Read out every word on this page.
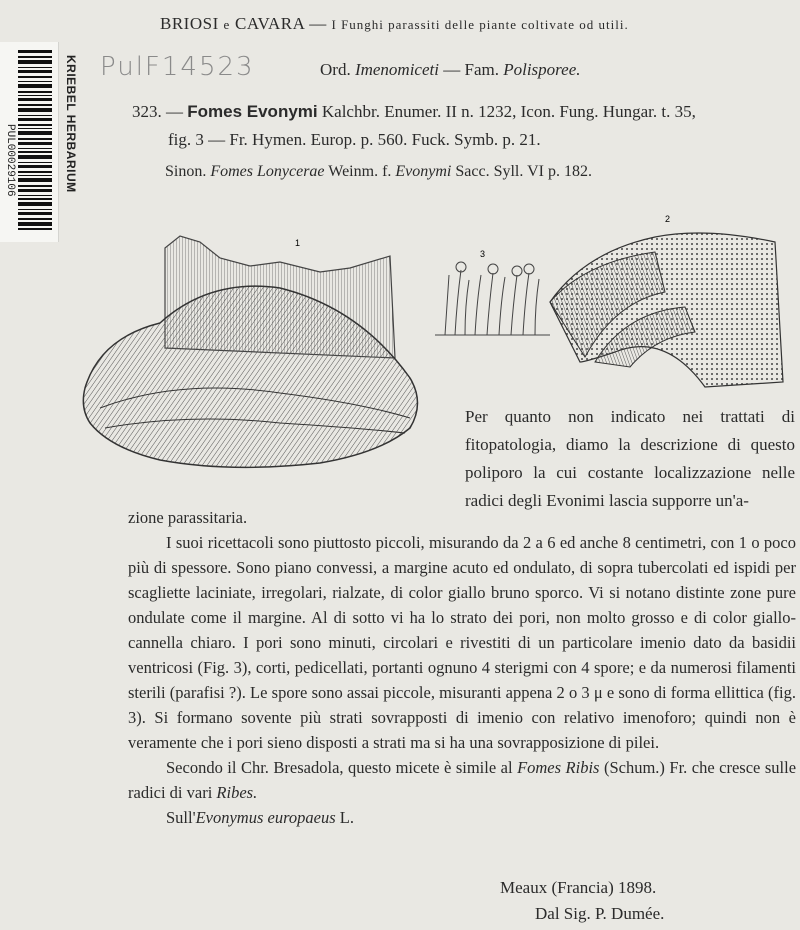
PUL00029106	KRIEBEL HERBARIUM
BRIOSI e CAVARA — I Funghi parassiti delle piante coltivate od utili.
PulF14523	Ord. Imenomiceti — Fam. Polisporee.
323. — Fomes Evonymi Kalchbr. Enumer. II n. 1232, Icon. Fung. Hungar. t. 35,
fig. 3 — Fr. Hymen. Europ. p. 560. Fuck. Symb. p. 21.
Sinon. Fomes Lonycerae Weinm. f. Evonymi Sacc. Syll. VI p. 182.
1
3
2
Per quanto non indicato nei trattati di fitopatologia, diamo la descrizione di questo poliporo la cui costante localizzazione nelle radici degli Evonimi lascia supporre un'a-

zione parassitaria.

I suoi ricettacoli sono piuttosto piccoli, misurando da 2 a 6 ed anche 8 centimetri, con 1 o poco più di spessore. Sono piano convessi, a margine acuto ed ondulato, di sopra tubercolati ed ispidi per scagliette laciniate, irregolari, rialzate, di color giallo bruno sporco. Vi si notano distinte zone pure ondulate come il margine. Al di sotto vi ha lo strato dei pori, non molto grosso e di color giallo-cannella chiaro. I pori sono minuti, circolari e rivestiti di un particolare imenio dato da basidii ventricosi (Fig. 3), corti, pedicellati, portanti ognuno 4 sterigmi con 4 spore; e da numerosi filamenti sterili (parafisi ?). Le spore sono assai piccole, misuranti appena 2 o 3 μ e sono di forma ellittica (fig. 3). Si formano sovente più strati sovrapposti di imenio con relativo imenoforo; quindi non è veramente che i pori sieno disposti a strati ma si ha una sovrapposizione di pilei.

Secondo il Chr. Bresadola, questo micete è simile al Fomes Ribis (Schum.) Fr. che cresce sulle radici di vari Ribes.

Sull'Evonymus europaeus L.

Meaux (Francia) 1898.
Dal Sig. P. Dumée.
